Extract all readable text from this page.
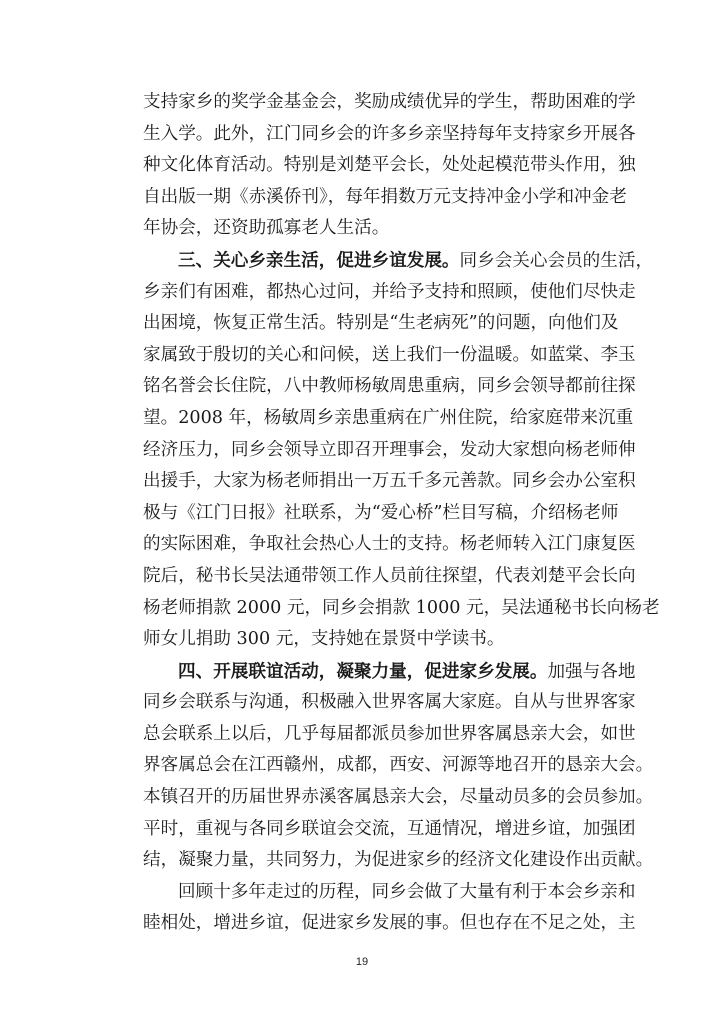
支持家乡的奖学金基金会，奖励成绩优异的学生，帮助困难的学
生入学。此外，江门同乡会的许多乡亲坚持每年支持家乡开展各
种文化体育活动。特别是刘楚平会长，处处起模范带头作用，独
自出版一期《赤溪侨刊》，每年捐数万元支持冲金小学和冲金老
年协会，还资助孤寡老人生活。
三、关心乡亲生活，促进乡谊发展。同乡会关心会员的生活，
乡亲们有困难，都热心过问，并给予支持和照顾，使他们尽快走
出困境，恢复正常生活。特别是“生老病死”的问题，向他们及
家属致于殷切的关心和问候，送上我们一份温暖。如蓝棠、李玉
铭名誉会长住院，八中教师杨敏周患重病，同乡会领导都前往探
望。2008 年，杨敏周乡亲患重病在广州住院，给家庭带来沉重
经济压力，同乡会领导立即召开理事会，发动大家想向杨老师伸
出援手，大家为杨老师捐出一万五千多元善款。同乡会办公室积
极与《江门日报》社联系，为“爱心桥”栏目写稿，介绍杨老师
的实际困难，争取社会热心人士的支持。杨老师转入江门康复医
院后，秘书长吴法通带领工作人员前往探望，代表刘楚平会长向
杨老师捐款 2000 元，同乡会捐款 1000 元，吴法通秘书长向杨老
师女儿捐助 300 元，支持她在景贤中学读书。
四、开展联谊活动，凝聚力量，促进家乡发展。加强与各地
同乡会联系与沟通，积极融入世界客属大家庭。自从与世界客家
总会联系上以后，几乎每届都派员参加世界客属恳亲大会，如世
界客属总会在江西赣州，成都，西安、河源等地召开的恳亲大会。
本镇召开的历届世界赤溪客属恳亲大会，尽量动员多的会员参加。
平时，重视与各同乡联谊会交流，互通情况，增进乡谊，加强团
结，凝聚力量，共同努力，为促进家乡的经济文化建设作出贡献。
回顾十多年走过的历程，同乡会做了大量有利于本会乡亲和
睦相处，增进乡谊，促进家乡发展的事。但也存在不足之处，主
19
